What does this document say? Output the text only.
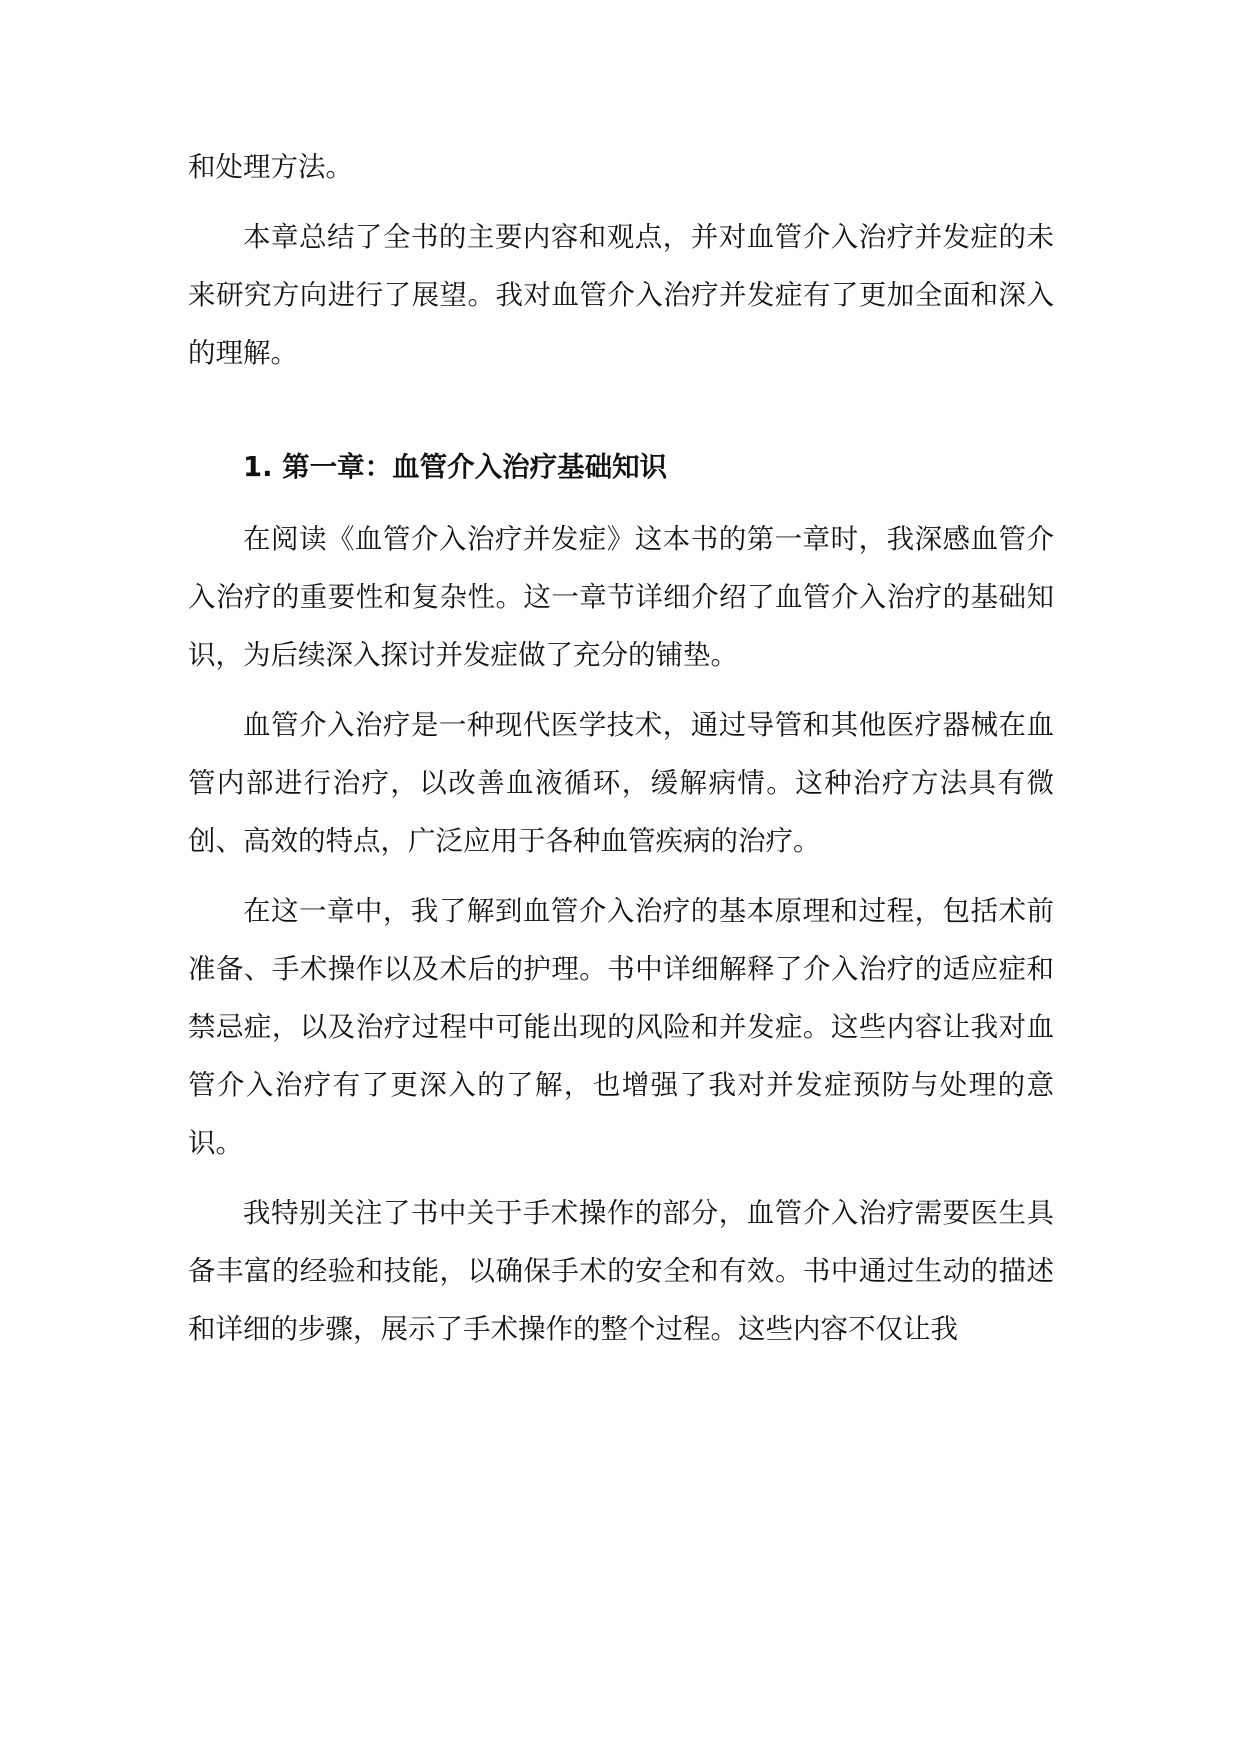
和处理方法。

本章总结了全书的主要内容和观点，并对血管介入治疗并发症的未来研究方向进行了展望。我对血管介入治疗并发症有了更加全面和深入的理解。

1. 第一章：血管介入治疗基础知识

在阅读《血管介入治疗并发症》这本书的第一章时，我深感血管介入治疗的重要性和复杂性。这一章节详细介绍了血管介入治疗的基础知识，为后续深入探讨并发症做了充分的铺垫。

血管介入治疗是一种现代医学技术，通过导管和其他医疗器械在血管内部进行治疗，以改善血液循环，缓解病情。这种治疗方法具有微创、高效的特点，广泛应用于各种血管疾病的治疗。

在这一章中，我了解到血管介入治疗的基本原理和过程，包括术前准备、手术操作以及术后的护理。书中详细解释了介入治疗的适应症和禁忌症，以及治疗过程中可能出现的风险和并发症。这些内容让我对血管介入治疗有了更深入的了解，也增强了我对并发症预防与处理的意识。

我特别关注了书中关于手术操作的部分，血管介入治疗需要医生具备丰富的经验和技能，以确保手术的安全和有效。书中通过生动的描述和详细的步骤，展示了手术操作的整个过程。这些内容不仅让我
